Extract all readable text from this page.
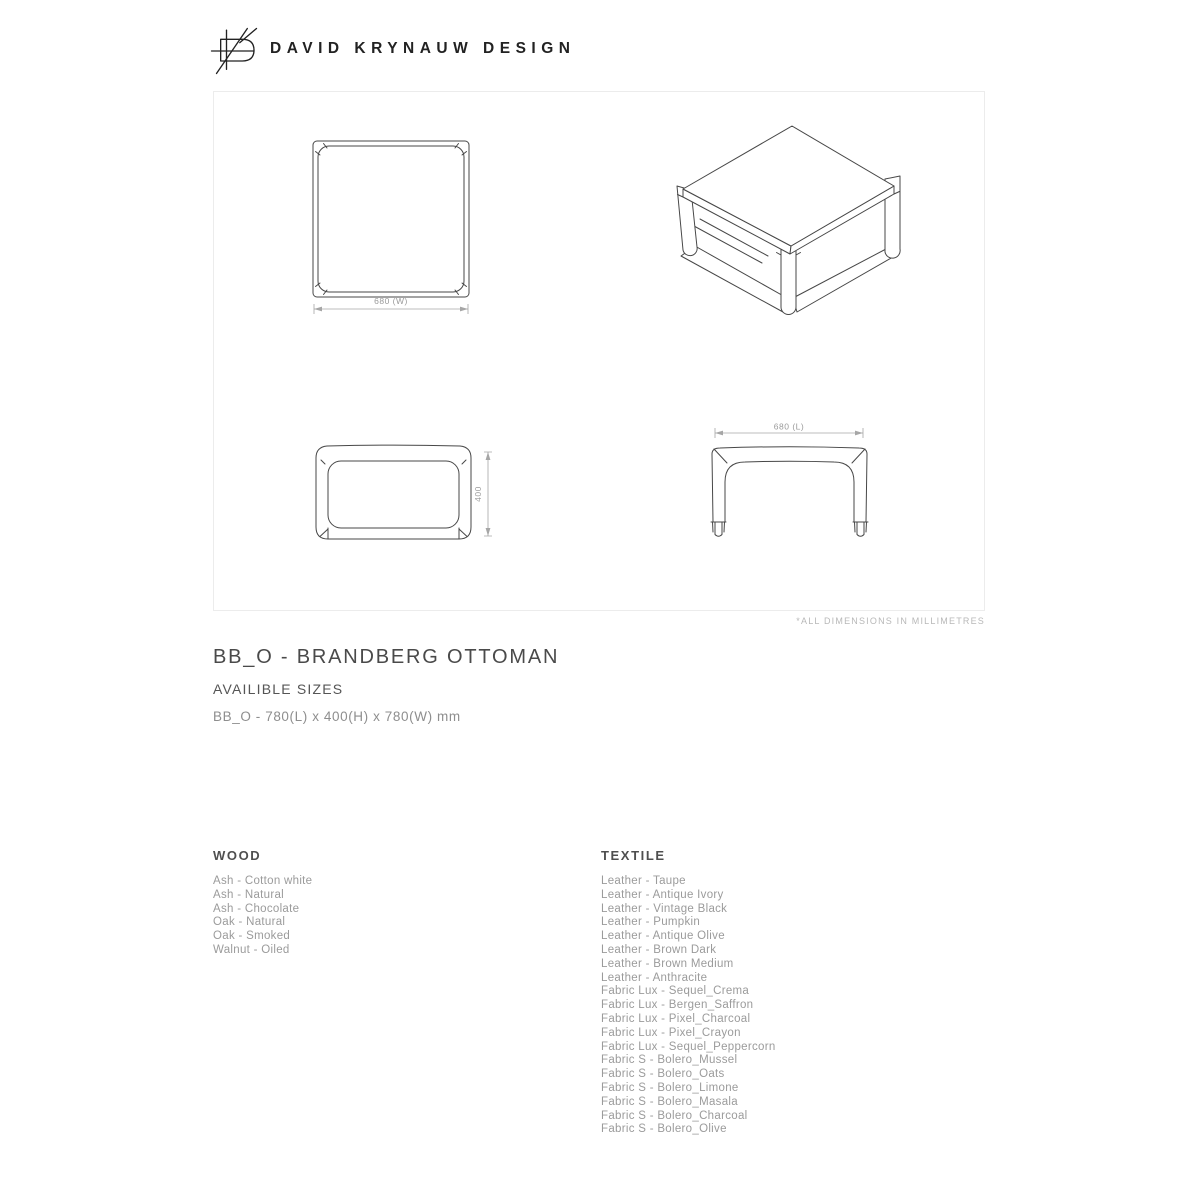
DAVID KRYNAUW DESIGN
680 (W)
400
680 (L)
*ALL DIMENSIONS IN MILLIMETRES
BB_O - BRANDBERG OTTOMAN
AVAILIBLE SIZES
BB_O - 780(L) x 400(H) x 780(W) mm
WOOD
Ash - Cotton white
Ash - Natural
Ash - Chocolate
Oak - Natural
Oak - Smoked
Walnut - Oiled
TEXTILE
Leather - Taupe
Leather - Antique Ivory
Leather - Vintage Black
Leather - Pumpkin
Leather - Antique Olive
Leather - Brown Dark
Leather - Brown Medium
Leather - Anthracite
Fabric Lux - Sequel_Crema
Fabric Lux - Bergen_Saffron
Fabric Lux - Pixel_Charcoal
Fabric Lux - Pixel_Crayon
Fabric Lux - Sequel_Peppercorn
Fabric S - Bolero_Mussel
Fabric S - Bolero_Oats
Fabric S - Bolero_Limone
Fabric S - Bolero_Masala
Fabric S - Bolero_Charcoal
Fabric S - Bolero_Olive
